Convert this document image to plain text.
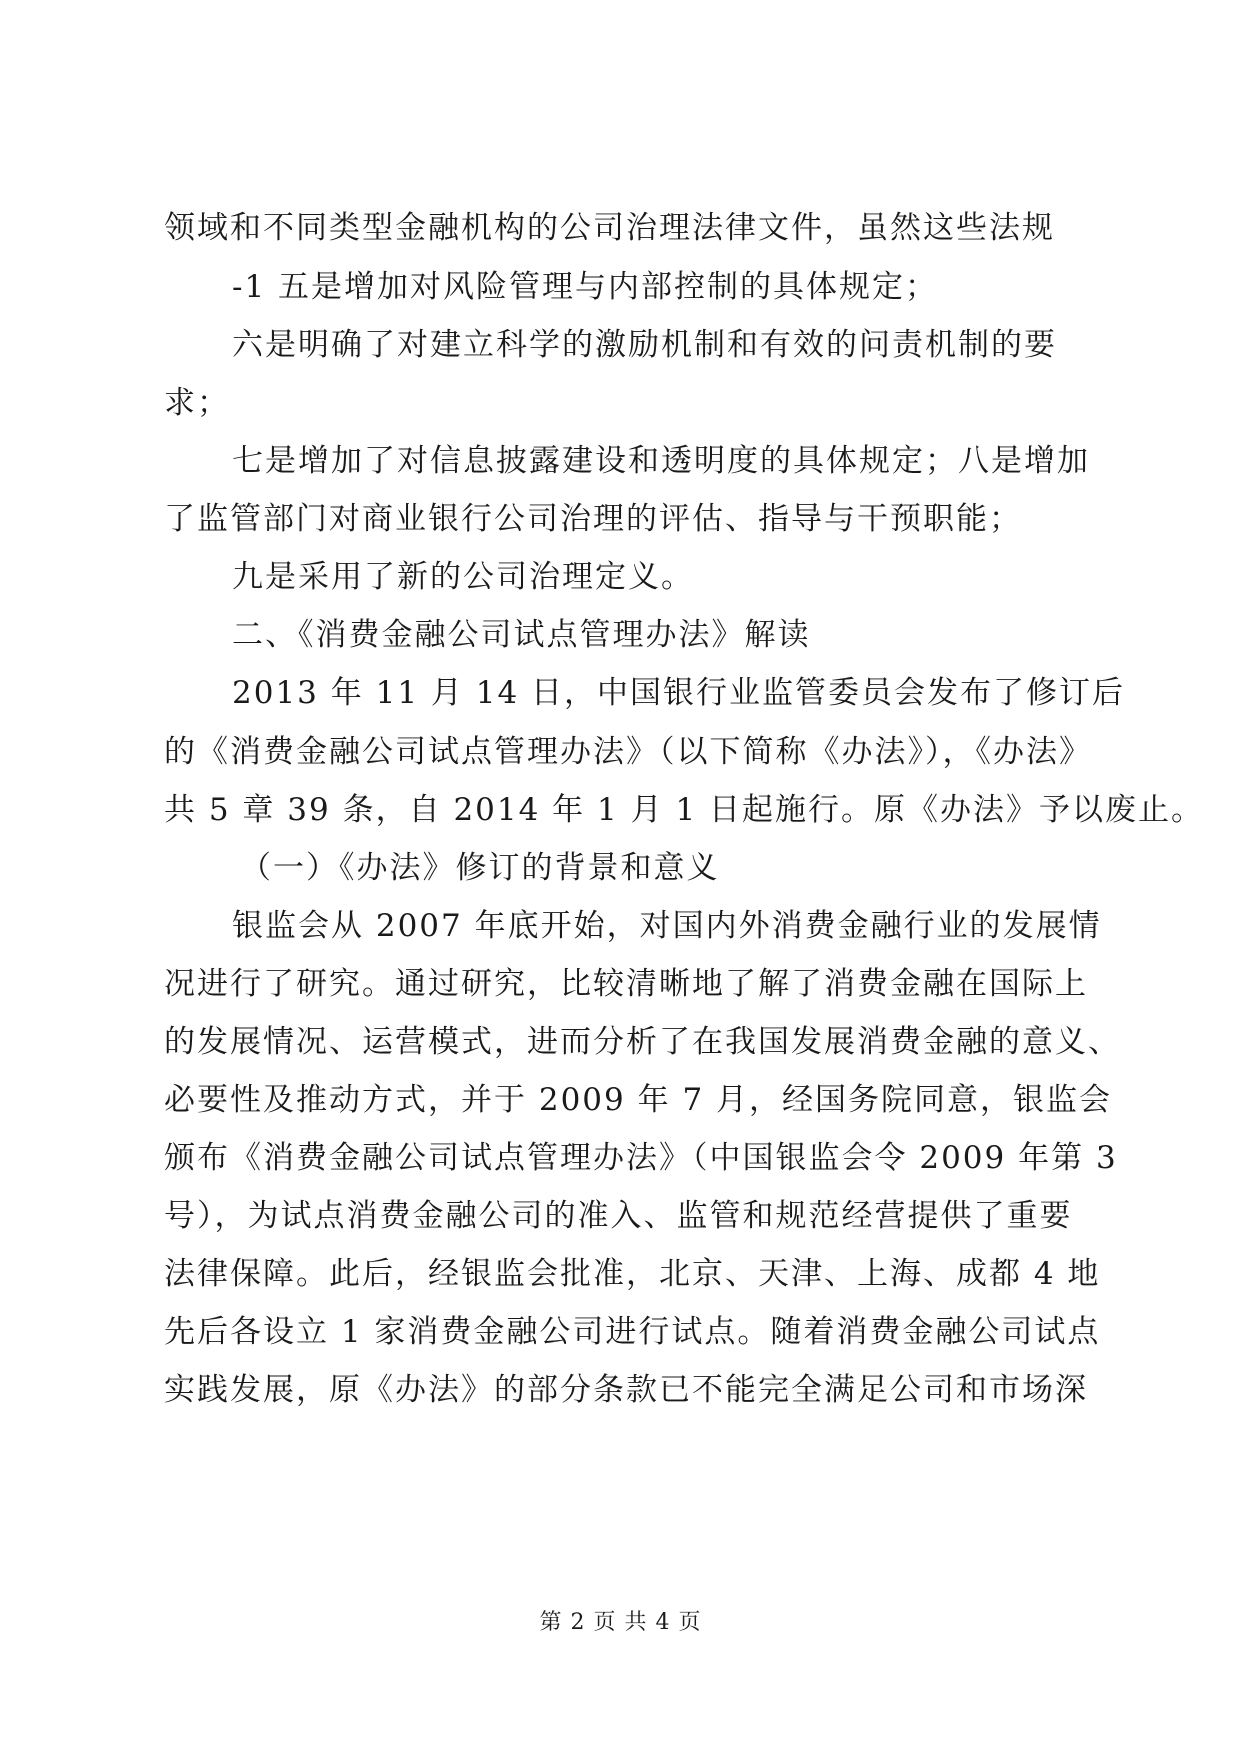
领域和不同类型金融机构的公司治理法律文件，虽然这些法规
-1 五是增加对风险管理与内部控制的具体规定；
六是明确了对建立科学的激励机制和有效的问责机制的要
求；
七是增加了对信息披露建设和透明度的具体规定；八是增加
了监管部门对商业银行公司治理的评估、指导与干预职能；
九是采用了新的公司治理定义。
二、《消费金融公司试点管理办法》解读
2013 年 11 月 14 日，中国银行业监管委员会发布了修订后
的《消费金融公司试点管理办法》（以下简称《办法》），《办法》
共 5 章 39 条，自 2014 年 1 月 1 日起施行。原《办法》予以废止。
（一）《办法》修订的背景和意义
银监会从 2007 年底开始，对国内外消费金融行业的发展情
况进行了研究。通过研究，比较清晰地了解了消费金融在国际上
的发展情况、运营模式，进而分析了在我国发展消费金融的意义、
必要性及推动方式，并于 2009 年 7 月，经国务院同意，银监会
颁布《消费金融公司试点管理办法》（中国银监会令 2009 年第 3
号），为试点消费金融公司的准入、监管和规范经营提供了重要
法律保障。此后，经银监会批准，北京、天津、上海、成都 4 地
先后各设立 1 家消费金融公司进行试点。随着消费金融公司试点
实践发展，原《办法》的部分条款已不能完全满足公司和市场深
第 2 页 共 4 页
